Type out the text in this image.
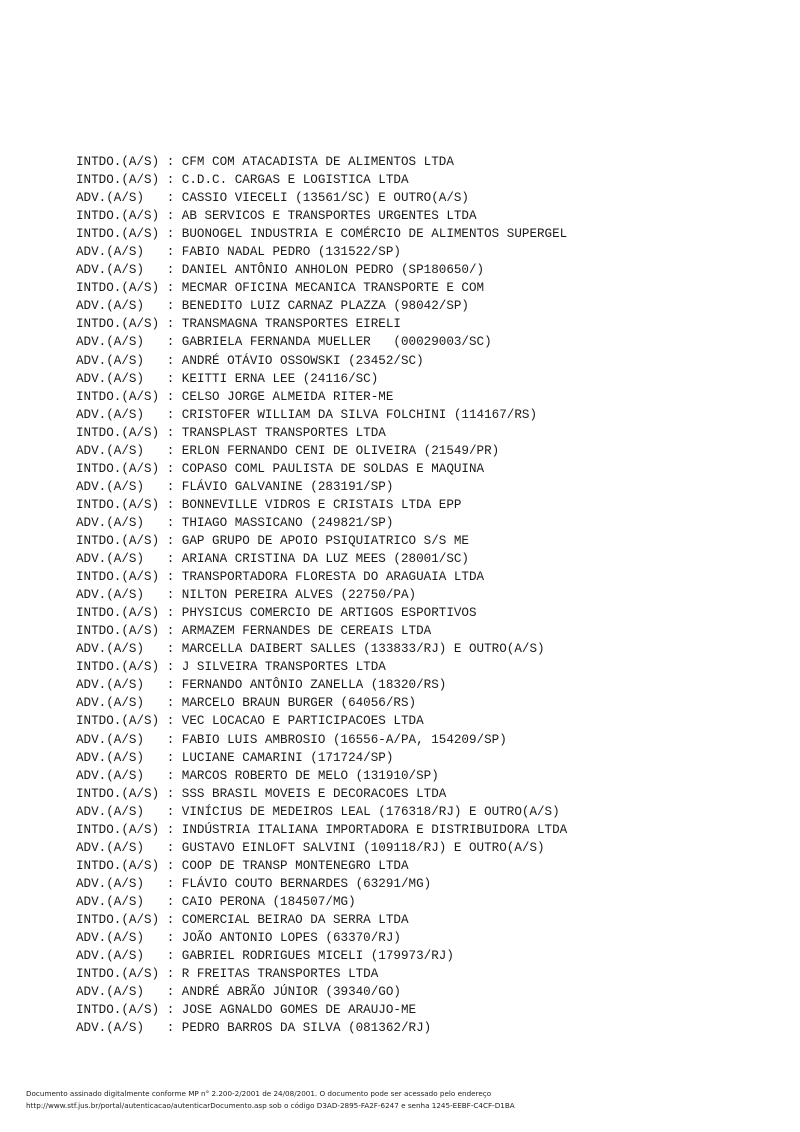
INTDO.(A/S) : CFM COM ATACADISTA DE ALIMENTOS LTDA
INTDO.(A/S) : C.D.C. CARGAS E LOGISTICA LTDA
ADV.(A/S) : CASSIO VIECELI (13561/SC) E OUTRO(A/S)
INTDO.(A/S) : AB SERVICOS E TRANSPORTES URGENTES LTDA
INTDO.(A/S) : BUONOGEL INDUSTRIA E COMÉRCIO DE ALIMENTOS SUPERGEL
ADV.(A/S) : FABIO NADAL PEDRO (131522/SP)
ADV.(A/S) : DANIEL ANTÔNIO ANHOLON PEDRO (SP180650/)
INTDO.(A/S) : MECMAR OFICINA MECANICA TRANSPORTE E COM
ADV.(A/S) : BENEDITO LUIZ CARNAZ PLAZZA (98042/SP)
INTDO.(A/S) : TRANSMAGNA TRANSPORTES EIRELI
ADV.(A/S) : GABRIELA FERNANDA MUELLER   (00029003/SC)
ADV.(A/S) : ANDRÉ OTÁVIO OSSOWSKI (23452/SC)
ADV.(A/S) : KEITTI ERNA LEE (24116/SC)
INTDO.(A/S) : CELSO JORGE ALMEIDA RITER-ME
ADV.(A/S) : CRISTOFER WILLIAM DA SILVA FOLCHINI (114167/RS)
INTDO.(A/S) : TRANSPLAST TRANSPORTES LTDA
ADV.(A/S) : ERLON FERNANDO CENI DE OLIVEIRA (21549/PR)
INTDO.(A/S) : COPASO COML PAULISTA DE SOLDAS E MAQUINA
ADV.(A/S) : FLÁVIO GALVANINE (283191/SP)
INTDO.(A/S) : BONNEVILLE VIDROS E CRISTAIS LTDA EPP
ADV.(A/S) : THIAGO MASSICANO (249821/SP)
INTDO.(A/S) : GAP GRUPO DE APOIO PSIQUIATRICO S/S ME
ADV.(A/S) : ARIANA CRISTINA DA LUZ MEES (28001/SC)
INTDO.(A/S) : TRANSPORTADORA FLORESTA DO ARAGUAIA LTDA
ADV.(A/S) : NILTON PEREIRA ALVES (22750/PA)
INTDO.(A/S) : PHYSICUS COMERCIO DE ARTIGOS ESPORTIVOS
INTDO.(A/S) : ARMAZEM FERNANDES DE CEREAIS LTDA
ADV.(A/S) : MARCELLA DAIBERT SALLES (133833/RJ) E OUTRO(A/S)
INTDO.(A/S) : J SILVEIRA TRANSPORTES LTDA
ADV.(A/S) : FERNANDO ANTÔNIO ZANELLA (18320/RS)
ADV.(A/S) : MARCELO BRAUN BURGER (64056/RS)
INTDO.(A/S) : VEC LOCACAO E PARTICIPACOES LTDA
ADV.(A/S) : FABIO LUIS AMBROSIO (16556-A/PA, 154209/SP)
ADV.(A/S) : LUCIANE CAMARINI (171724/SP)
ADV.(A/S) : MARCOS ROBERTO DE MELO (131910/SP)
INTDO.(A/S) : SSS BRASIL MOVEIS E DECORACOES LTDA
ADV.(A/S) : VINÍCIUS DE MEDEIROS LEAL (176318/RJ) E OUTRO(A/S)
INTDO.(A/S) : INDÚSTRIA ITALIANA IMPORTADORA E DISTRIBUIDORA LTDA
ADV.(A/S) : GUSTAVO EINLOFT SALVINI (109118/RJ) E OUTRO(A/S)
INTDO.(A/S) : COOP DE TRANSP MONTENEGRO LTDA
ADV.(A/S) : FLÁVIO COUTO BERNARDES (63291/MG)
ADV.(A/S) : CAIO PERONA (184507/MG)
INTDO.(A/S) : COMERCIAL BEIRAO DA SERRA LTDA
ADV.(A/S) : JOÃO ANTONIO LOPES (63370/RJ)
ADV.(A/S) : GABRIEL RODRIGUES MICELI (179973/RJ)
INTDO.(A/S) : R FREITAS TRANSPORTES LTDA
ADV.(A/S) : ANDRÉ ABRÃO JÚNIOR (39340/GO)
INTDO.(A/S) : JOSE AGNALDO GOMES DE ARAUJO-ME
ADV.(A/S) : PEDRO BARROS DA SILVA (081362/RJ)
Documento assinado digitalmente conforme MP n° 2.200-2/2001 de 24/08/2001. O documento pode ser acessado pelo endereço
http://www.stf.jus.br/portal/autenticacao/autenticarDocumento.asp sob o código D3AD-2895-FA2F-6247 e senha 1245-EEBF-C4CF-D1BA
